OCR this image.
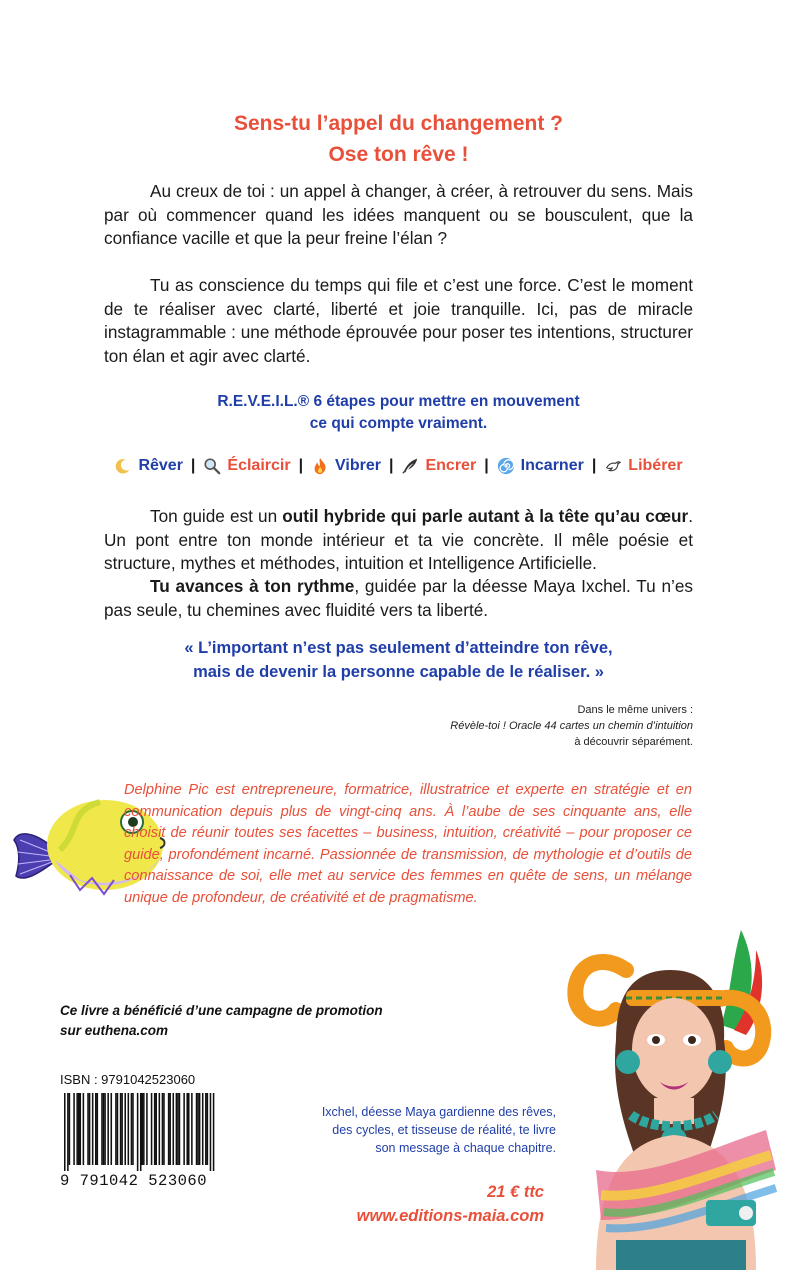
Sens-tu l’appel du changement ?
Ose ton rêve !
Au creux de toi : un appel à changer, à créer, à retrouver du sens. Mais par où commencer quand les idées manquent ou se bousculent, que la confiance vacille et que la peur freine l’élan ?
Tu as conscience du temps qui file et c’est une force. C’est le moment de te réaliser avec clarté, liberté et joie tranquille. Ici, pas de miracle instagrammable : une méthode éprouvée pour poser tes intentions, structurer ton élan et agir avec clarté.
R.E.V.E.I.L.® 6 étapes pour mettre en mouvement
ce qui compte vraiment.
Rêver | Éclaircir | Vibrer | Encrer | Incarner | Libérer
Ton guide est un outil hybride qui parle autant à la tête qu’au cœur. Un pont entre ton monde intérieur et ta vie concrète. Il mêle poésie et structure, mythes et méthodes, intuition et Intelligence Artificielle.
Tu avances à ton rythme, guidée par la déesse Maya Ixchel. Tu n’es pas seule, tu chemines avec fluidité vers ta liberté.
« L’important n’est pas seulement d’atteindre ton rêve,
mais de devenir la personne capable de le réaliser. »
Dans le même univers :
Révèle-toi ! Oracle 44 cartes un chemin d’intuition
à découvrir séparément.
Delphine Pic est entrepreneure, formatrice, illustratrice et experte en stratégie et en communication depuis plus de vingt-cinq ans. À l’aube de ses cinquante ans, elle choisit de réunir toutes ses facettes – business, intuition, créativité – pour proposer ce guide, profondément incarné. Passionnée de transmission, de mythologie et d’outils de connaissance de soi, elle met au service des femmes en quête de sens, un mélange unique de profondeur, de créativité et de pragmatisme.
Ce livre a bénéficié d’une campagne de promotion
sur euthena.com
ISBN : 9791042523060
9 791042 523060
Ixchel, déesse Maya gardienne des rêves,
des cycles, et tisseuse de réalité, te livre
son message à chaque chapitre.
21 € ttc
www.editions-maia.com
